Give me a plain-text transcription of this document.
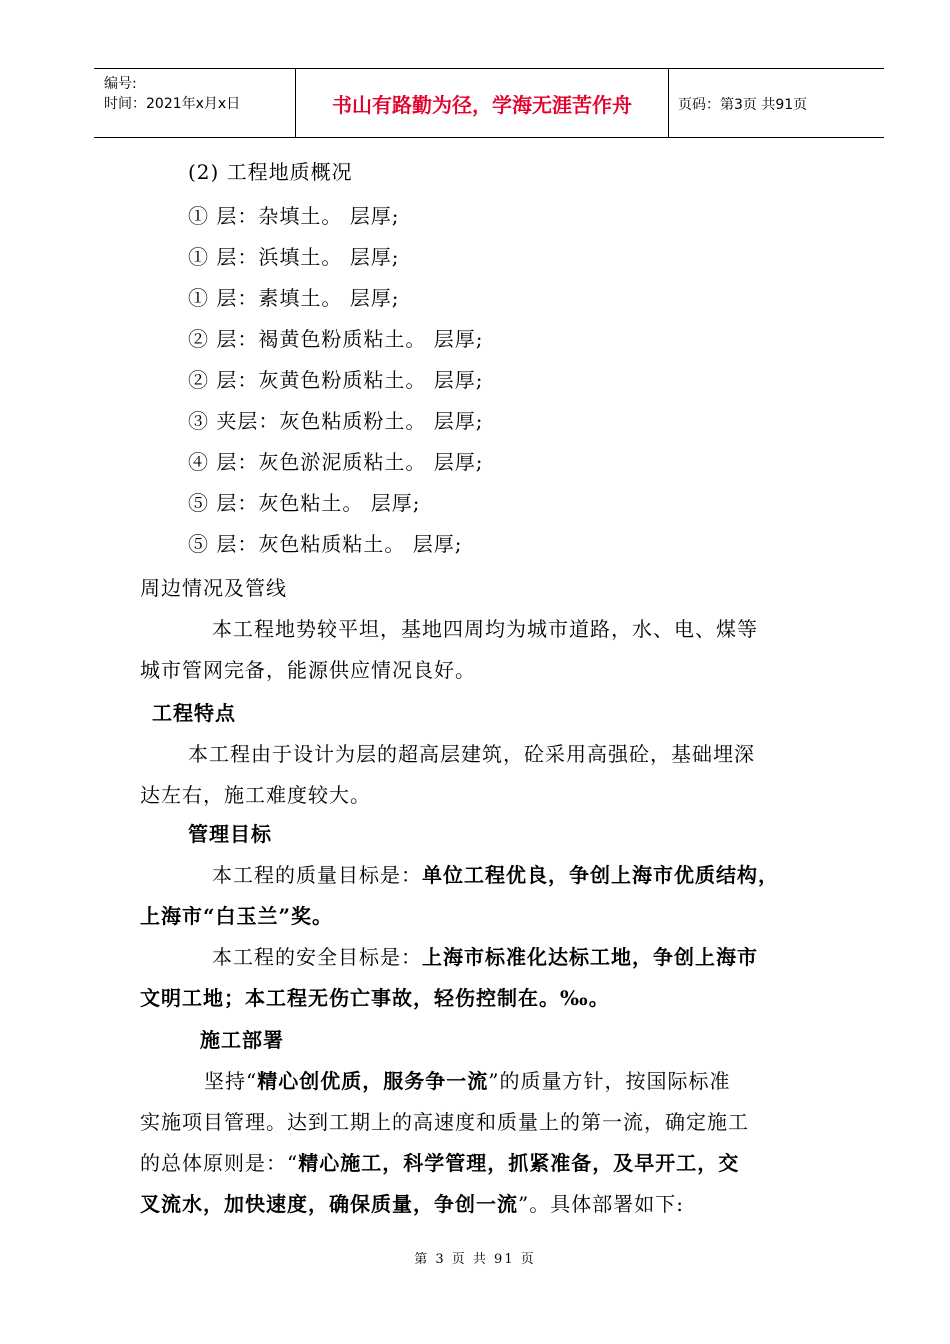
编号:
时间：2021年x月x日	书山有路勤为径，学海无涯苦作舟	页码：第3页 共91页
(2) 工程地质概况
① 层：杂填土。 层厚;
① 层：浜填土。 层厚;
① 层：素填土。 层厚;
② 层：褐黄色粉质粘土。 层厚;
② 层：灰黄色粉质粘土。 层厚;
③ 夹层：灰色粘质粉土。 层厚;
④ 层：灰色淤泥质粘土。 层厚;
⑤ 层：灰色粘土。 层厚;
⑤ 层：灰色粘质粘土。 层厚;
周边情况及管线
本工程地势较平坦，基地四周均为城市道路，水、电、煤等
城市管网完备，能源供应情况良好。
工程特点
本工程由于设计为层的超高层建筑，砼采用高强砼，基础埋深
达左右，施工难度较大。
管理目标
本工程的质量目标是：单位工程优良，争创上海市优质结构，
上海市“白玉兰”奖。
本工程的安全目标是：上海市标准化达标工地，争创上海市
文明工地；本工程无伤亡事故，轻伤控制在。‰。
施工部署
坚持“精心创优质，服务争一流”的质量方针，按国际标准
实施项目管理。达到工期上的高速度和质量上的第一流，确定施工
的总体原则是：“精心施工，科学管理，抓紧准备，及早开工，交
叉流水，加快速度，确保质量，争创一流”。具体部署如下:
第 3 页 共 91 页
